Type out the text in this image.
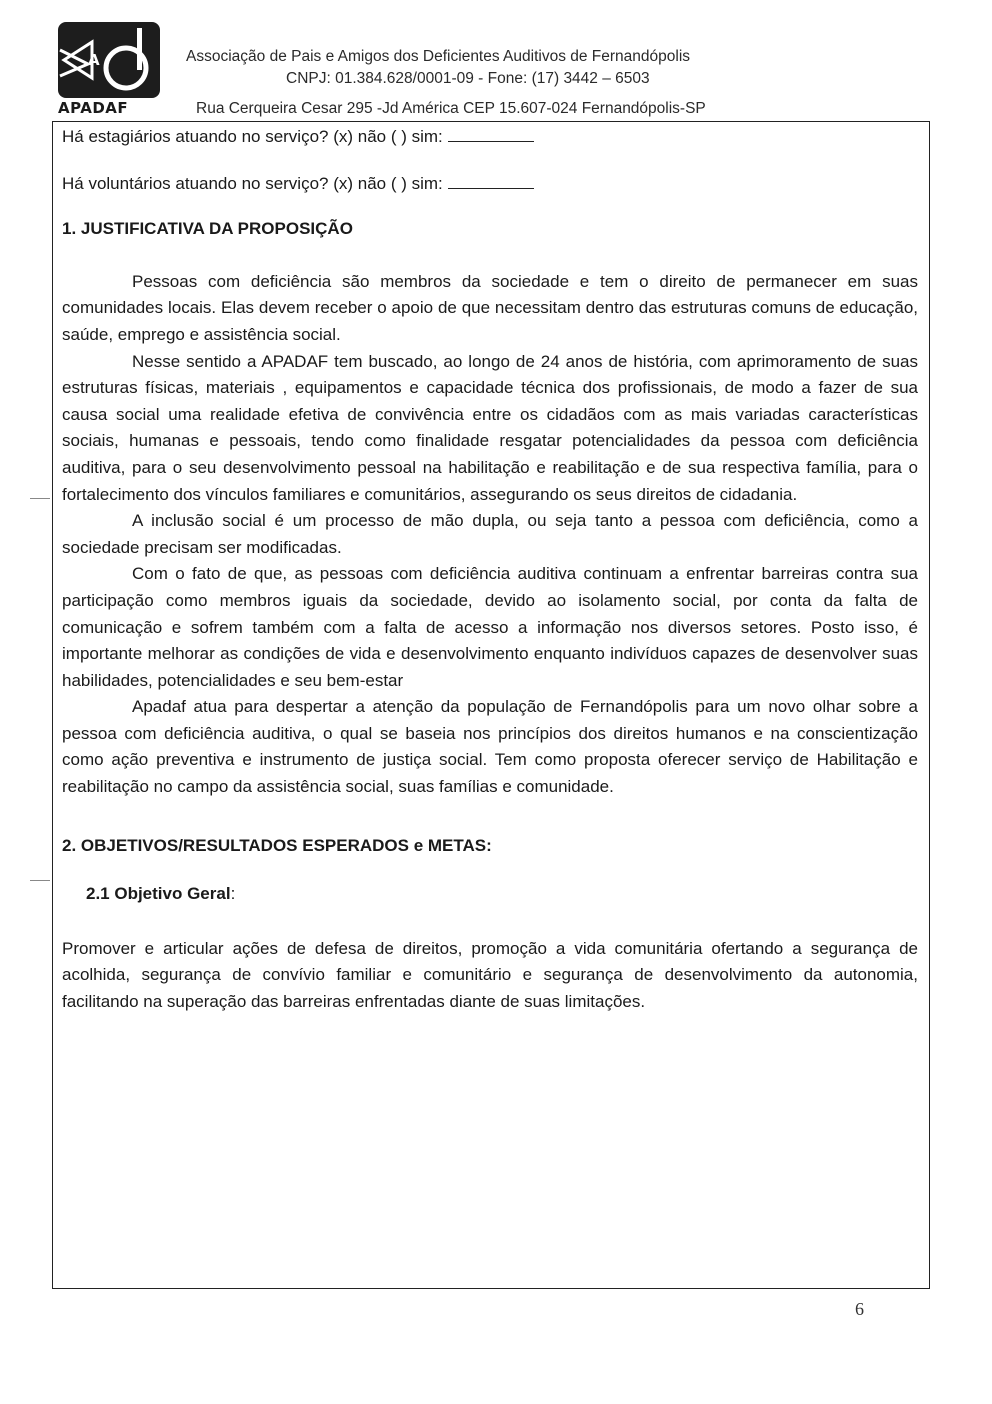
A
APADAF
Associação de Pais e Amigos dos Deficientes Auditivos de Fernandópolis
CNPJ: 01.384.628/0001-09 - Fone: (17) 3442 – 6503
Rua Cerqueira Cesar 295 -Jd América CEP 15.607-024 Fernandópolis-SP

Há estagiários atuando no serviço? (x) não ( ) sim:

Há voluntários atuando no serviço? (x) não ( ) sim:

1. JUSTIFICATIVA DA PROPOSIÇÃO

Pessoas com deficiência são membros da sociedade e tem o direito de permanecer em suas comunidades locais. Elas devem receber o apoio de que necessitam dentro das estruturas comuns de educação, saúde, emprego e assistência social.

Nesse sentido a APADAF tem buscado, ao longo de 24 anos de história, com aprimoramento de suas estruturas físicas, materiais , equipamentos e capacidade técnica dos profissionais, de modo a fazer de sua causa social uma realidade efetiva de convivência entre os cidadãos com as mais variadas características sociais, humanas e pessoais, tendo como finalidade resgatar potencialidades da pessoa com deficiência auditiva, para o seu desenvolvimento pessoal na habilitação e reabilitação e de sua respectiva família, para o fortalecimento dos vínculos familiares e comunitários, assegurando os seus direitos de cidadania.

A inclusão social é um processo de mão dupla, ou seja tanto a pessoa com deficiência, como a sociedade precisam ser modificadas.

Com o fato de que, as pessoas com deficiência auditiva continuam a enfrentar barreiras contra sua participação como membros iguais da sociedade, devido ao isolamento social, por conta da falta de comunicação e sofrem também com a falta de acesso a informação nos diversos setores. Posto isso, é importante melhorar as condições de vida e desenvolvimento enquanto indivíduos capazes de desenvolver suas habilidades, potencialidades e seu bem-estar

Apadaf atua para despertar a atenção da população de Fernandópolis para um novo olhar sobre a pessoa com deficiência auditiva, o qual se baseia nos princípios dos direitos humanos e na conscientização como ação preventiva e instrumento de justiça social. Tem como proposta oferecer serviço de Habilitação e reabilitação no campo da assistência social, suas famílias e comunidade.

2. OBJETIVOS/RESULTADOS ESPERADOS e METAS:

2.1 Objetivo Geral:

Promover e articular ações de defesa de direitos, promoção a vida comunitária ofertando a segurança de acolhida, segurança de convívio familiar e comunitário e segurança de desenvolvimento da autonomia, facilitando na superação das barreiras enfrentadas diante de suas limitações.

6
